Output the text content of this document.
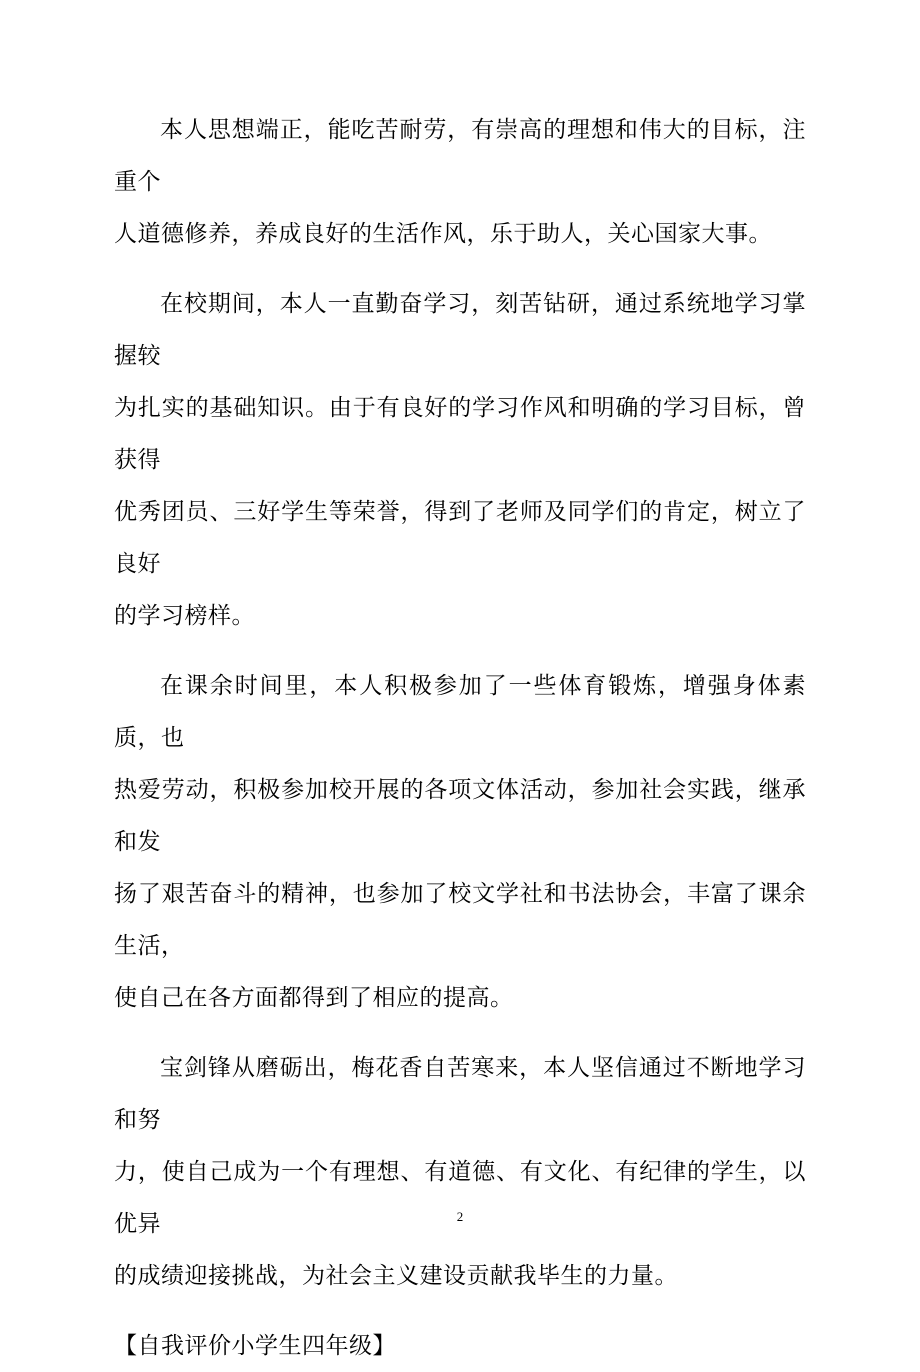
本人思想端正，能吃苦耐劳，有崇高的理想和伟大的目标，注重个
人道德修养，养成良好的生活作风，乐于助人，关心国家大事。

在校期间，本人一直勤奋学习，刻苦钻研，通过系统地学习掌握较
为扎实的基础知识。由于有良好的学习作风和明确的学习目标，曾获得
优秀团员、三好学生等荣誉，得到了老师及同学们的肯定，树立了良好
的学习榜样。

在课余时间里，本人积极参加了一些体育锻炼，增强身体素质，也
热爱劳动，积极参加校开展的各项文体活动，参加社会实践，继承和发
扬了艰苦奋斗的精神，也参加了校文学社和书法协会，丰富了课余生活，
使自己在各方面都得到了相应的提高。

宝剑锋从磨砺出，梅花香自苦寒来，本人坚信通过不断地学习和努
力，使自己成为一个有理想、有道德、有文化、有纪律的学生，以优异
的成绩迎接挑战，为社会主义建设贡献我毕生的力量。

【自我评价小学生四年级】

2
